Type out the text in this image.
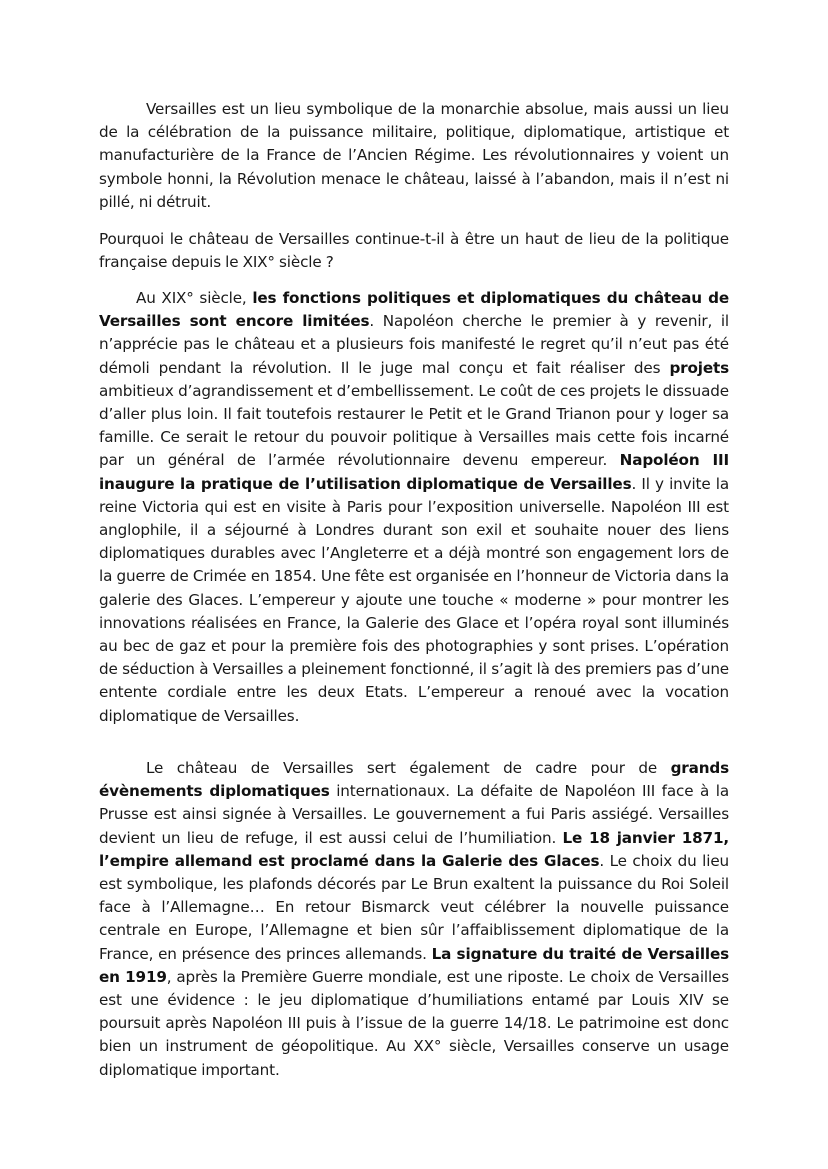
Versailles est un lieu symbolique de la monarchie absolue, mais aussi un lieu de la célébration de la puissance militaire, politique, diplomatique, artistique et manufacturière de la France de l’Ancien Régime. Les révolutionnaires y voient un symbole honni, la Révolution menace le château, laissé à l’abandon, mais il n’est ni pillé, ni détruit.

Pourquoi le château de Versailles continue-t-il à être un haut de lieu de la politique française depuis le XIX° siècle ?

Au XIX° siècle, les fonctions politiques et diplomatiques du château de Versailles sont encore limitées. Napoléon cherche le premier à y revenir, il n’apprécie pas le château et a plusieurs fois manifesté le regret qu’il n’eut pas été démoli pendant la révolution. Il le juge mal conçu et fait réaliser des projets ambitieux d’agrandissement et d’embellissement. Le coût de ces projets le dissuade d’aller plus loin. Il fait toutefois restaurer le Petit et le Grand Trianon pour y loger sa famille. Ce serait le retour du pouvoir politique à Versailles mais cette fois incarné par un général de l’armée révolutionnaire devenu empereur. Napoléon III inaugure la pratique de l’utilisation diplomatique de Versailles. Il y invite la reine Victoria qui est en visite à Paris pour l’exposition universelle. Napoléon III est anglophile, il a séjourné à Londres durant son exil et souhaite nouer des liens diplomatiques durables avec l’Angleterre et a déjà montré son engagement lors de la guerre de Crimée en 1854. Une fête est organisée en l’honneur de Victoria dans la galerie des Glaces. L’empereur y ajoute une touche « moderne » pour montrer les innovations réalisées en France, la Galerie des Glace et l’opéra royal sont illuminés au bec de gaz et pour la première fois des photographies y sont prises. L’opération de séduction à Versailles a pleinement fonctionné, il s’agit là des premiers pas d’une entente cordiale entre les deux Etats. L’empereur a renoué avec la vocation diplomatique de Versailles.

Le château de Versailles sert également de cadre pour de grands évènements diplomatiques internationaux. La défaite de Napoléon III face à la Prusse est ainsi signée à Versailles. Le gouvernement a fui Paris assiégé. Versailles devient un lieu de refuge, il est aussi celui de l’humiliation. Le 18 janvier 1871, l’empire allemand est proclamé dans la Galerie des Glaces. Le choix du lieu est symbolique, les plafonds décorés par Le Brun exaltent la puissance du Roi Soleil face à l’Allemagne… En retour Bismarck veut célébrer la nouvelle puissance centrale en Europe, l’Allemagne et bien sûr l’affaiblissement diplomatique de la France, en présence des princes allemands. La signature du traité de Versailles en 1919, après la Première Guerre mondiale, est une riposte. Le choix de Versailles est une évidence : le jeu diplomatique d’humiliations entamé par Louis XIV se poursuit après Napoléon III puis à l’issue de la guerre 14/18. Le patrimoine est donc bien un instrument de géopolitique. Au XX° siècle, Versailles conserve un usage diplomatique important.
